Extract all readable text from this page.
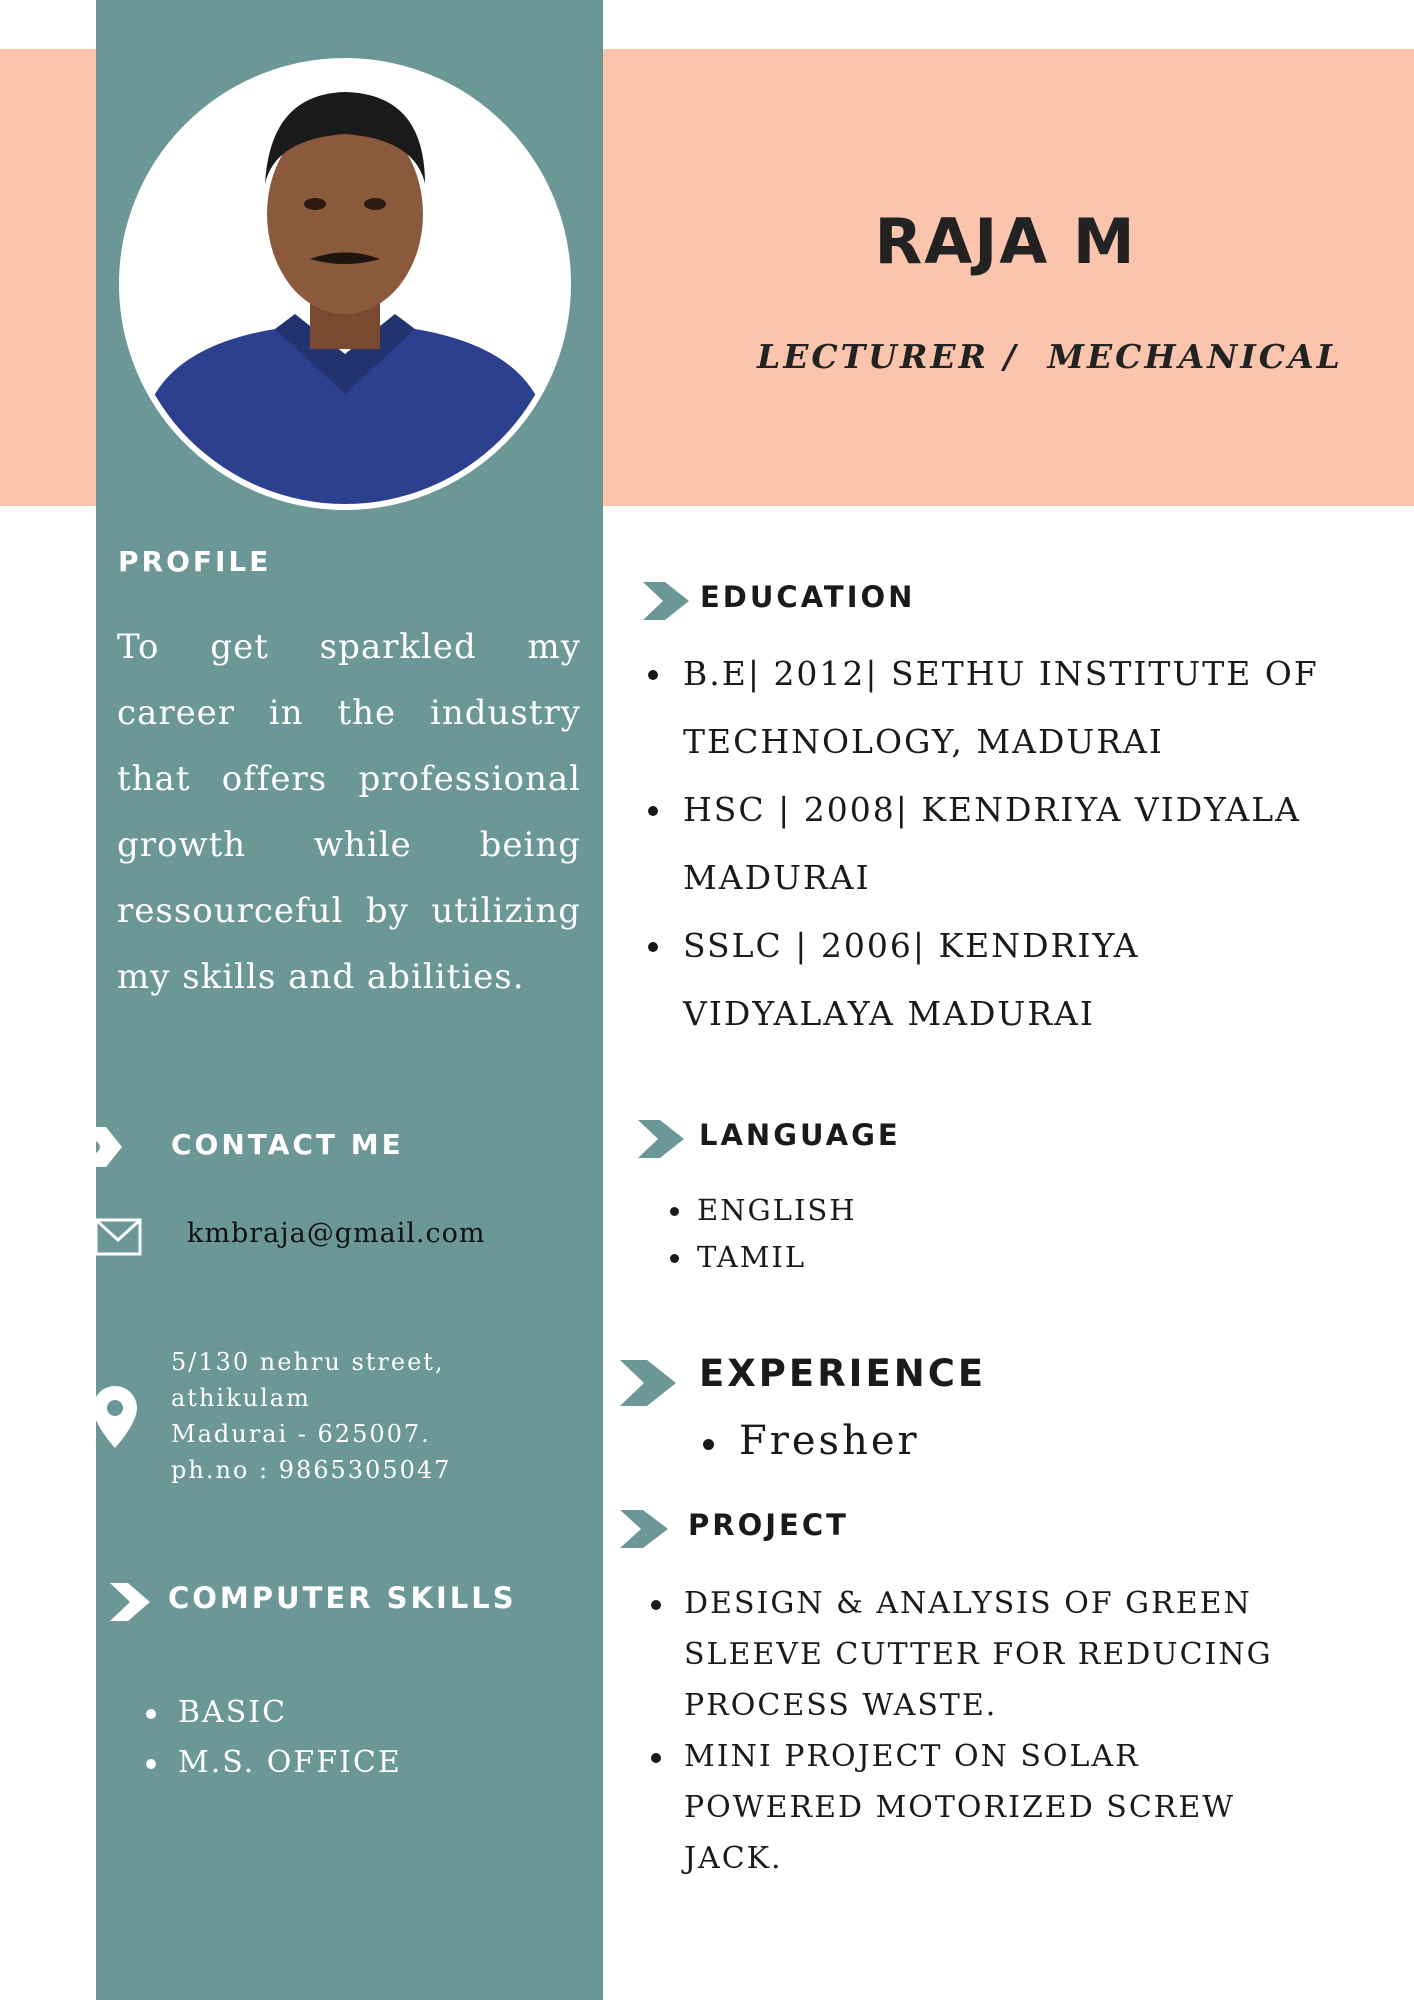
RAJA M
LECTURER /  MECHANICAL
PROFILE
To get sparkled my career in the industry that offers professional growth while being ressourceful by utilizing my skills and abilities.
CONTACT ME
kmbraja@gmail.com
5/130 nehru street,
athikulam
Madurai - 625007.
ph.no : 9865305047
COMPUTER SKILLS
BASIC
M.S. OFFICE
EDUCATION
B.E| 2012| SETHU INSTITUTE OF TECHNOLOGY, MADURAI
HSC | 2008| KENDRIYA VIDYALA MADURAI
SSLC | 2006| KENDRIYA VIDYALAYA MADURAI
LANGUAGE
ENGLISH
TAMIL
EXPERIENCE
Fresher
PROJECT
DESIGN & ANALYSIS OF GREEN SLEEVE CUTTER FOR REDUCING PROCESS WASTE.
MINI PROJECT ON SOLAR POWERED MOTORIZED SCREW JACK.
